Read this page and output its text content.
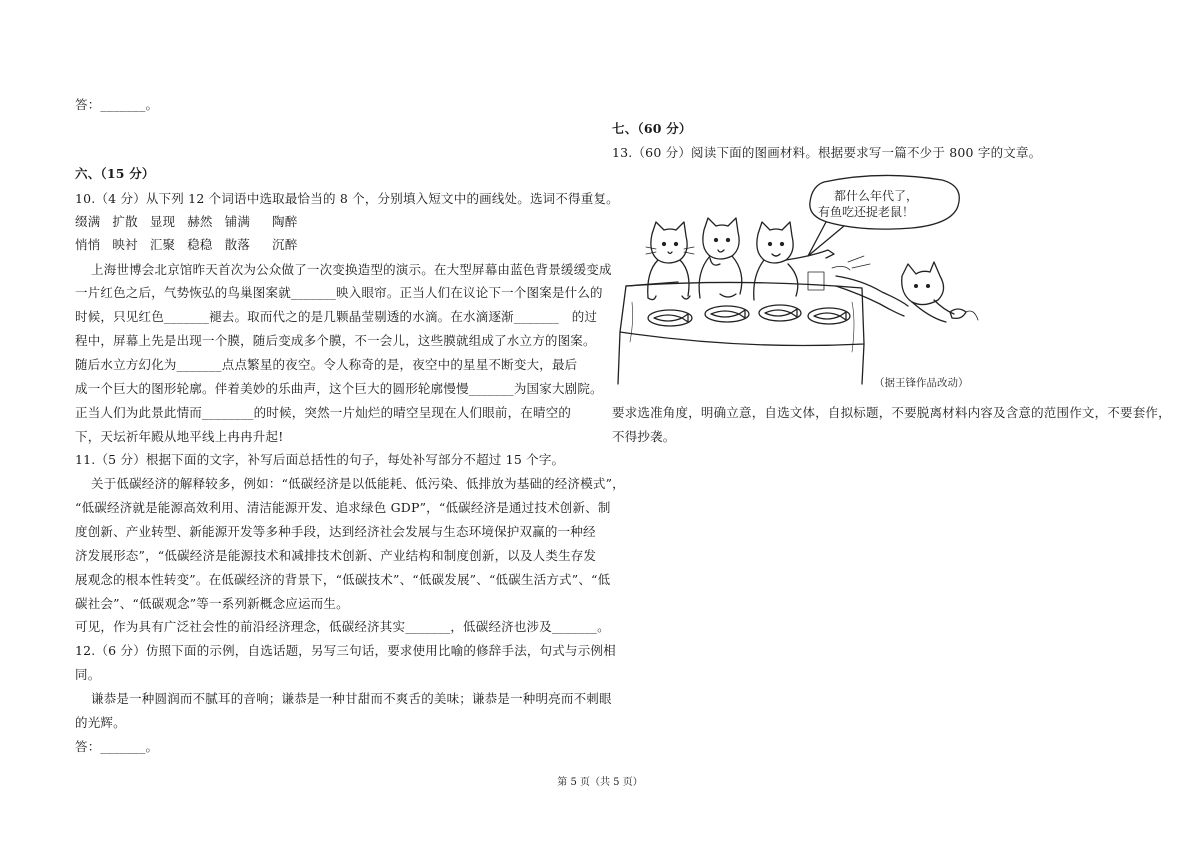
答：_______。
六、（15 分）
10.（4 分）从下列 12 个词语中选取最恰当的 8 个，分别填入短文中的画线处。选词不得重复。
缀满 扩散 显现 赫然 铺满 陶醉
悄悄 映衬 汇聚 稳稳 散落 沉醉
上海世博会北京馆昨天首次为公众做了一次变换造型的演示。在大型屏幕由蓝色背景缓缓变成
一片红色之后，气势恢弘的鸟巢图案就_______映入眼帘。正当人们在议论下一个图案是什么的
时候，只见红色_______褪去。取而代之的是几颗晶莹剔透的水滴。在水滴逐渐_______　的过
程中，屏幕上先是出现一个膜，随后变成多个膜，不一会儿，这些膜就组成了水立方的图案。
随后水立方幻化为_______点点繁星的夜空。令人称奇的是，夜空中的星星不断变大，最后
成一个巨大的图形轮廓。伴着美妙的乐曲声，这个巨大的圆形轮廓慢慢_______为国家大剧院。
正当人们为此景此情而________的时候，突然一片灿烂的晴空呈现在人们眼前，在晴空的
下，天坛祈年殿从地平线上冉冉升起!
11.（5 分）根据下面的文字，补写后面总括性的句子，每处补写部分不超过 15 个字。
关于低碳经济的解释较多，例如：“低碳经济是以低能耗、低污染、低排放为基础的经济模式”，
“低碳经济就是能源高效利用、清洁能源开发、追求绿色 GDP”，“低碳经济是通过技术创新、制
度创新、产业转型、新能源开发等多种手段，达到经济社会发展与生态环境保护双赢的一种经
济发展形态”，“低碳经济是能源技术和减排技术创新、产业结构和制度创新，以及人类生存发
展观念的根本性转变”。在低碳经济的背景下，“低碳技术”、“低碳发展”、“低碳生活方式”、“低
碳社会”、“低碳观念”等一系列新概念应运而生。
可见，作为具有广泛社会性的前沿经济理念，低碳经济其实_______，低碳经济也涉及_______。
12.（6 分）仿照下面的示例，自选话题，另写三句话，要求使用比喻的修辞手法，句式与示例相
同。
谦恭是一种圆润而不腻耳的音响；谦恭是一种甘甜而不爽舌的美味；谦恭是一种明亮而不刺眼
的光辉。
答：_______。
七、（60 分）
13.（60 分）阅读下面的图画材料。根据要求写一篇不少于 800 字的文章。
要求选准角度，明确立意，自选文体，自拟标题，不要脱离材料内容及含意的范围作文，不要套作，
不得抄袭。
都什么年代了，
有鱼吃还捉老鼠！
（据王锋作品改动）
第 5 页（共 5 页）
